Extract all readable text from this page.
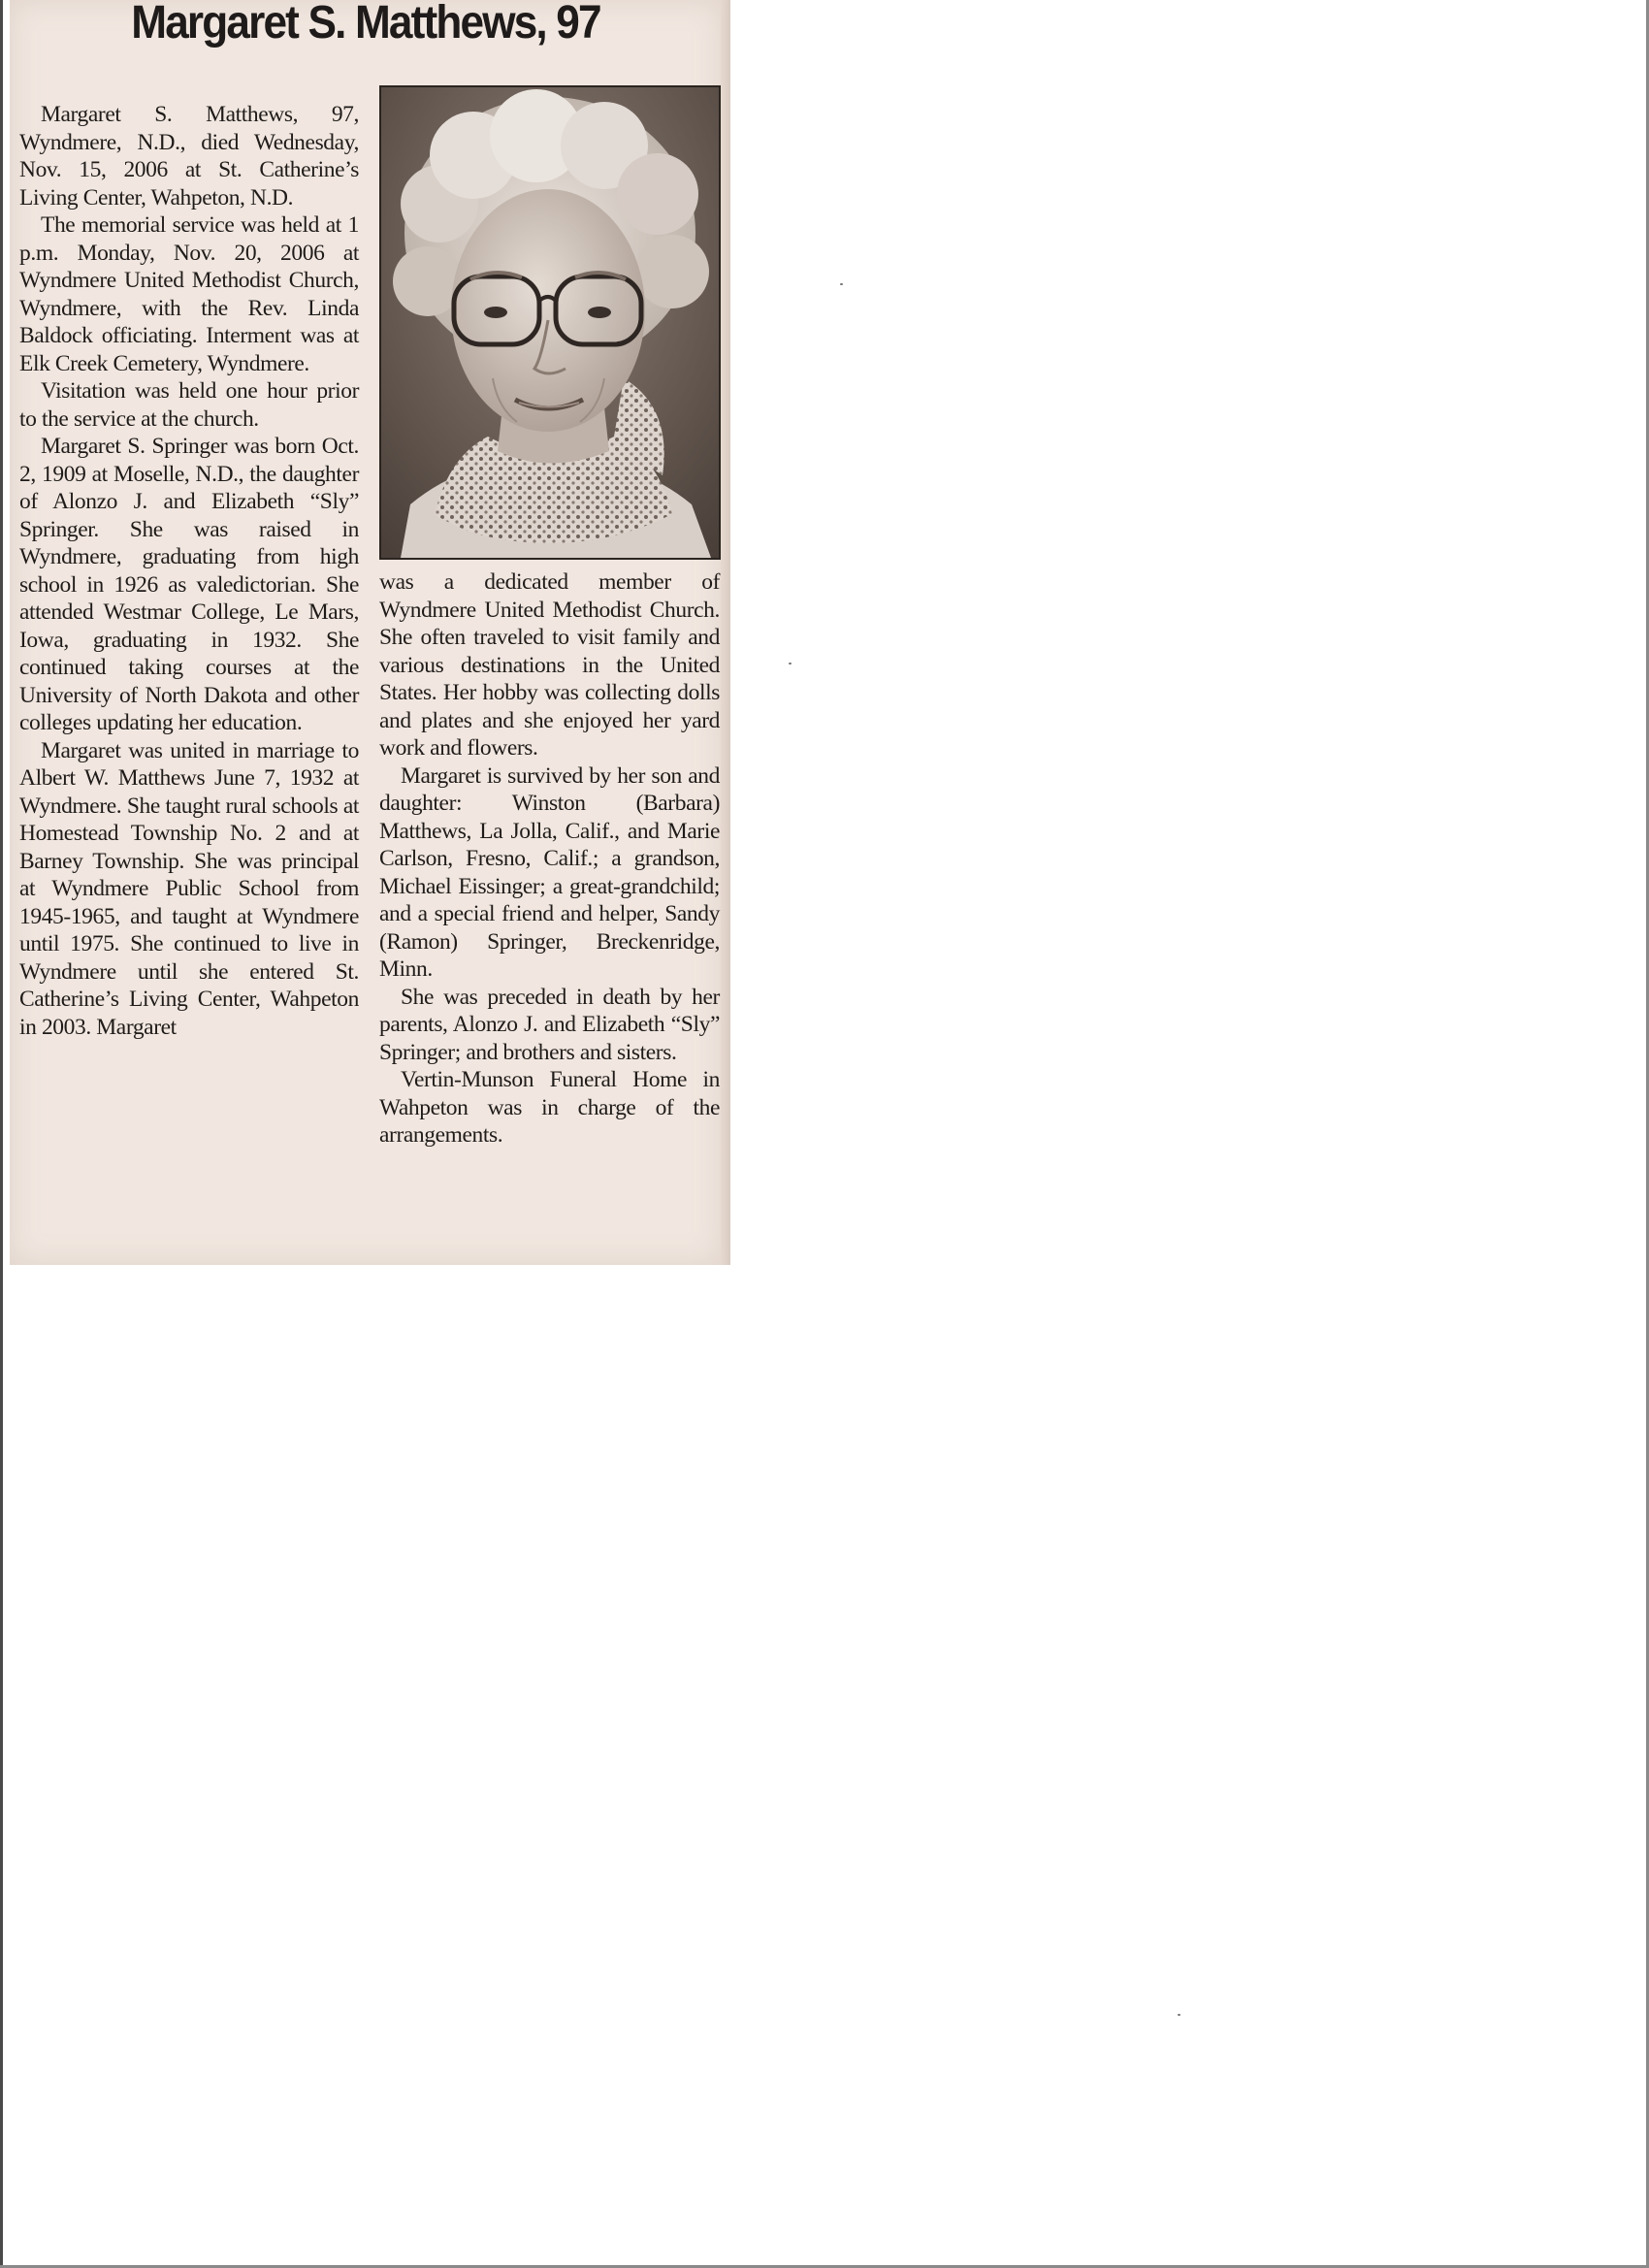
Margaret S. Matthews, 97

Margaret S. Matthews, 97, Wyndmere, N.D., died Wednesday, Nov. 15, 2006 at St. Catherine’s Living Center, Wahpeton, N.D.

The memorial service was held at 1 p.m. Monday, Nov. 20, 2006 at Wyndmere United Methodist Church, Wyndmere, with the Rev. Linda Baldock officiating. Interment was at Elk Creek Cemetery, Wyndmere.

Visitation was held one hour prior to the service at the church.

Margaret S. Springer was born Oct. 2, 1909 at Moselle, N.D., the daughter of Alonzo J. and Elizabeth “Sly” Springer. She was raised in Wyndmere, graduating from high school in 1926 as valedictorian. She attended Westmar College, Le Mars, Iowa, graduating in 1932. She continued taking courses at the University of North Dakota and other colleges updating her education.

Margaret was united in marriage to Albert W. Matthews June 7, 1932 at Wyndmere. She taught rural schools at Homestead Township No. 2 and at Barney Township. She was principal at Wyndmere Public School from 1945-1965, and taught at Wyndmere until 1975. She continued to live in Wyndmere until she entered St. Catherine’s Living Center, Wahpeton in 2003. Margaret

was a dedicated member of Wyndmere United Methodist Church. She often traveled to visit family and various destinations in the United States. Her hobby was collecting dolls and plates and she enjoyed her yard work and flowers.

Margaret is survived by her son and daughter: Winston (Barbara) Matthews, La Jolla, Calif., and Marie Carlson, Fresno, Calif.; a grandson, Michael Eissinger; a great-grandchild; and a special friend and helper, Sandy (Ramon) Springer, Breckenridge, Minn.

She was preceded in death by her parents, Alonzo J. and Elizabeth “Sly” Springer; and brothers and sisters.

Vertin-Munson Funeral Home in Wahpeton was in charge of the arrangements.
